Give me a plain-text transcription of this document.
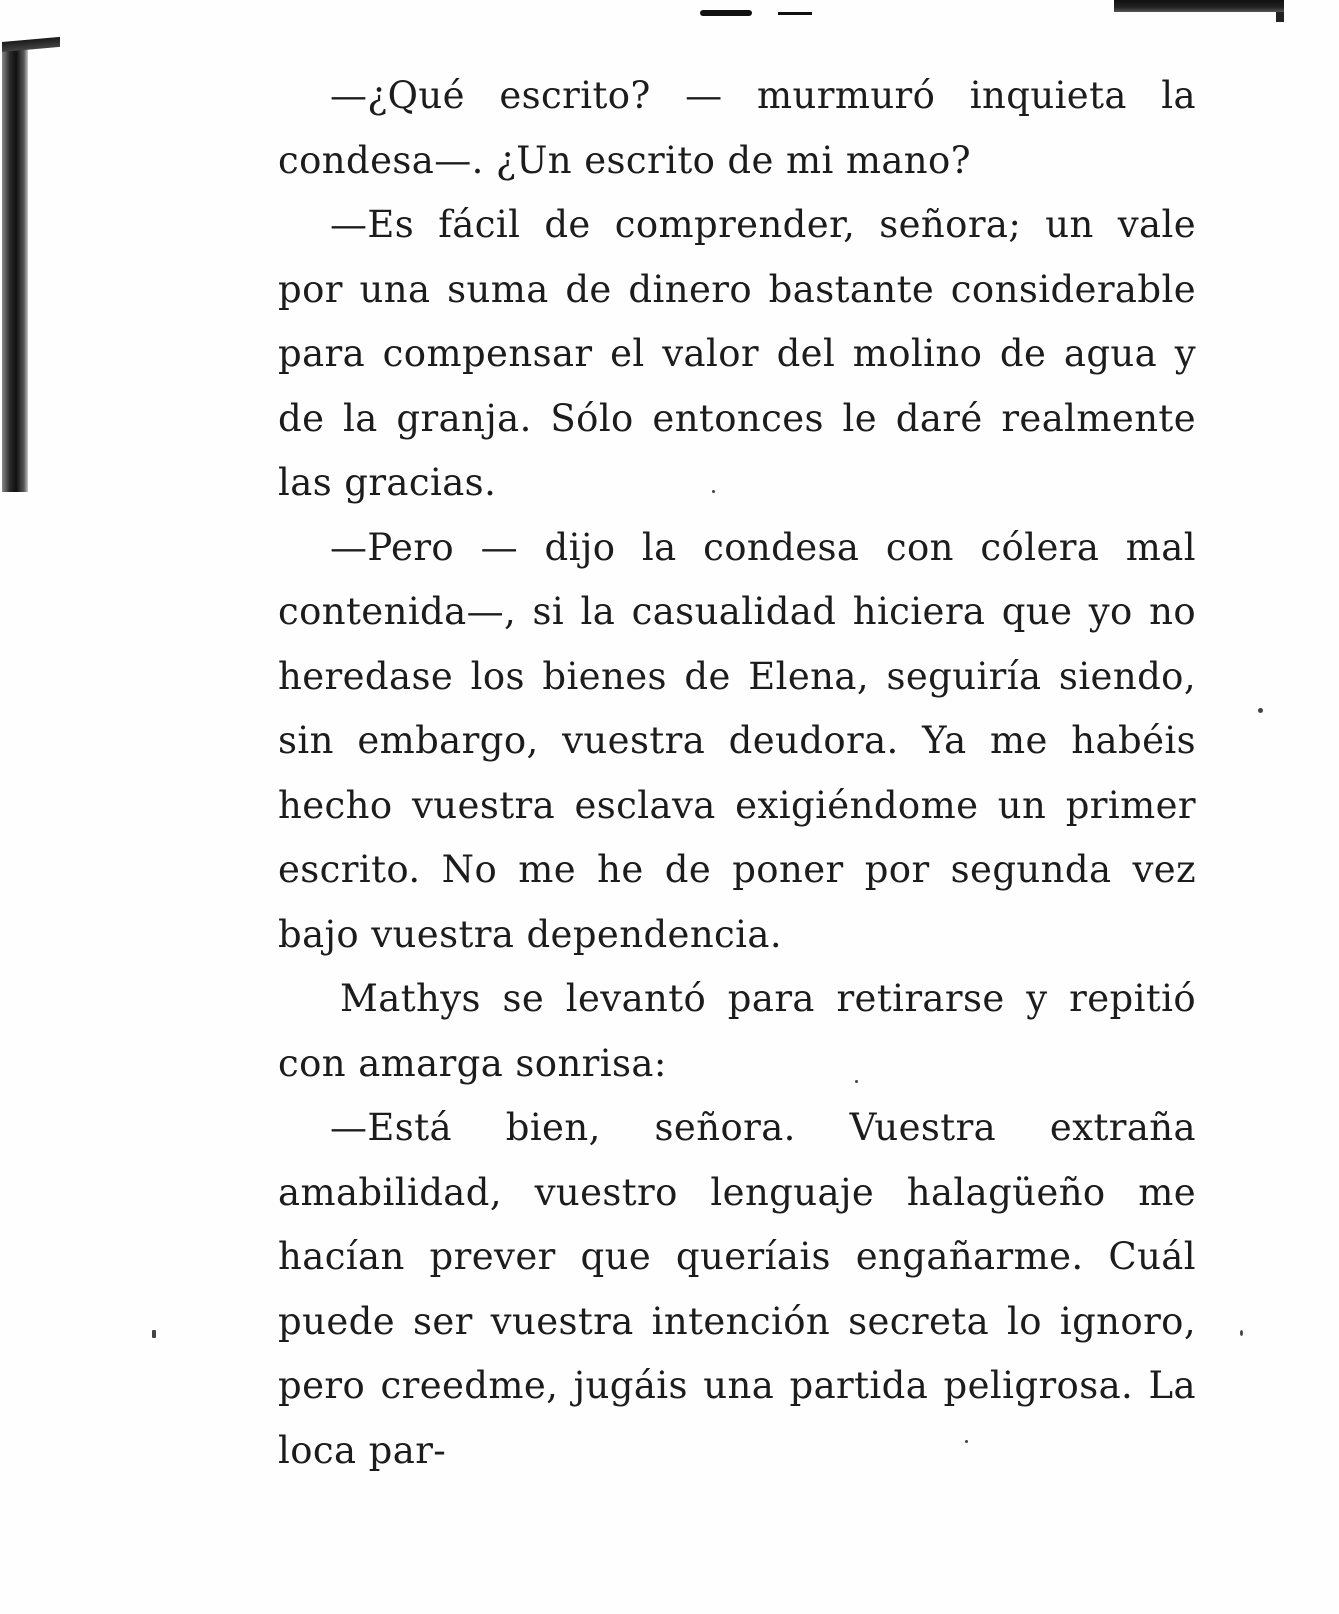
—¿Qué escrito? — murmuró inquieta la condesa—. ¿Un escrito de mi mano?

—Es fácil de comprender, señora; un vale por una suma de dinero bastante considerable para compensar el valor del molino de agua y de la granja. Sólo entonces le daré realmente las gracias.

—Pero — dijo la condesa con cólera mal contenida—, si la casualidad hiciera que yo no heredase los bienes de Elena, seguiría siendo, sin embargo, vuestra deudora. Ya me habéis hecho vuestra esclava exigiéndome un primer escrito. No me he de poner por segunda vez bajo vuestra dependencia.

Mathys se levantó para retirarse y repitió con amarga sonrisa:

—Está bien, señora. Vuestra extraña amabilidad, vuestro lenguaje halagüeño me hacían prever que queríais engañarme. Cuál puede ser vuestra intención secreta lo ignoro, pero creedme, jugáis una partida peligrosa. La loca par-
